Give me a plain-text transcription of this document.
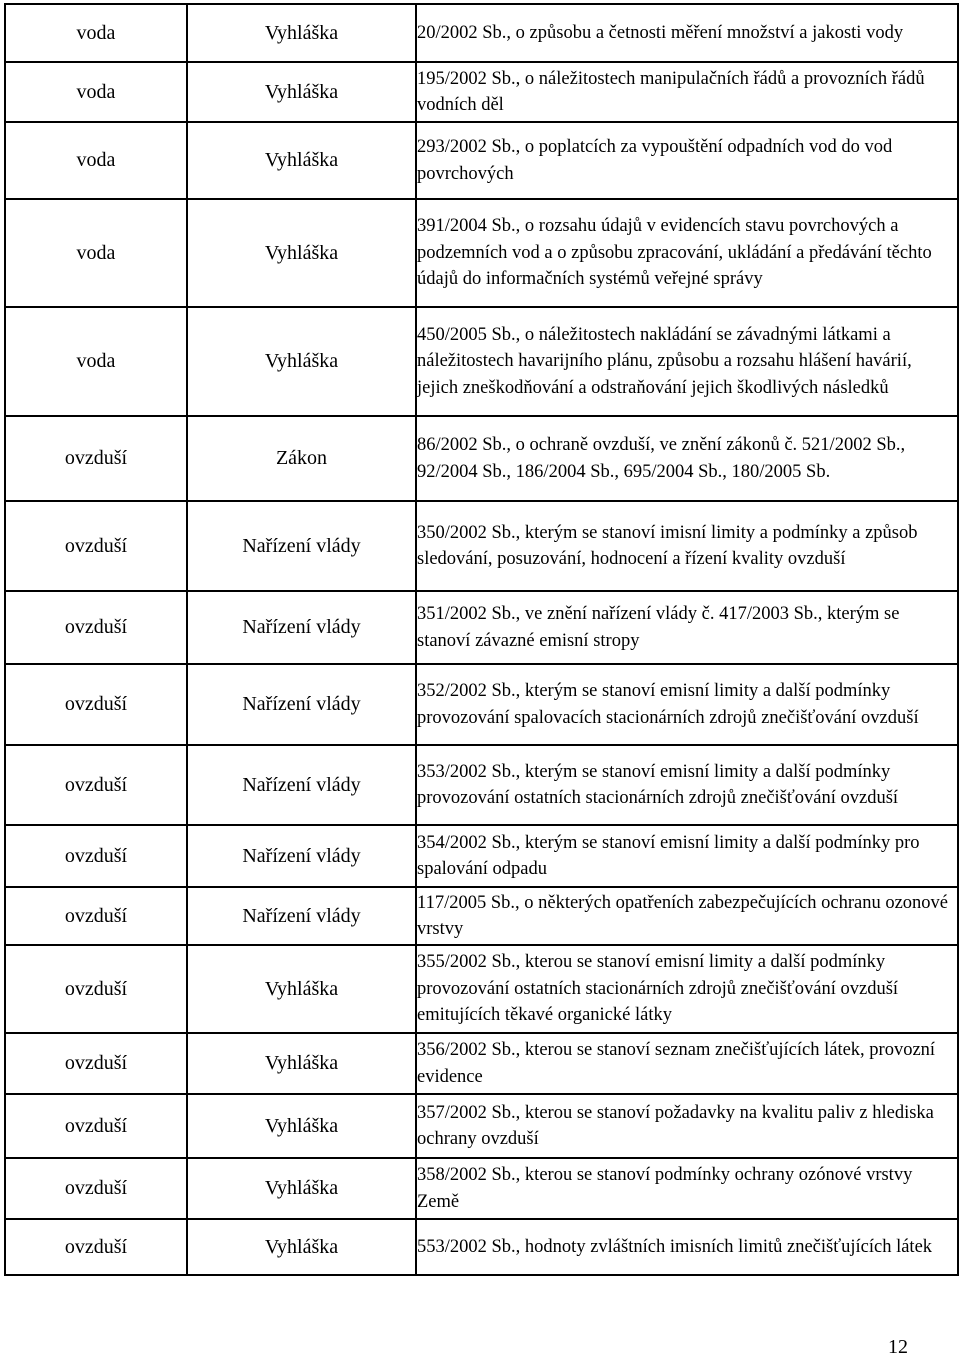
voda	Vyhláška	20/2002 Sb., o způsobu a četnosti měření množství a jakosti vody
voda	Vyhláška	195/2002 Sb., o náležitostech manipulačních řádů a provozních řádů vodních děl
voda	Vyhláška	293/2002 Sb., o poplatcích za vypouštění odpadních vod do vod povrchových
voda	Vyhláška	391/2004 Sb., o rozsahu údajů v evidencích stavu povrchových a podzemních vod a o způsobu zpracování, ukládání a předávání těchto údajů do informačních systémů veřejné správy
voda	Vyhláška	450/2005 Sb., o náležitostech nakládání se závadnými látkami a náležitostech havarijního plánu, způsobu a rozsahu hlášení havárií, jejich zneškodňování a odstraňování jejich škodlivých následků
ovzduší	Zákon	86/2002 Sb., o ochraně ovzduší, ve znění zákonů č. 521/2002 Sb., 92/2004 Sb., 186/2004 Sb., 695/2004 Sb., 180/2005 Sb.
ovzduší	Nařízení vlády	350/2002 Sb., kterým se stanoví imisní limity a podmínky a způsob sledování, posuzování, hodnocení a řízení kvality ovzduší
ovzduší	Nařízení vlády	351/2002 Sb., ve znění nařízení vlády č. 417/2003 Sb., kterým se stanoví závazné emisní stropy
ovzduší	Nařízení vlády	352/2002 Sb., kterým se stanoví emisní limity a další podmínky provozování spalovacích stacionárních zdrojů znečišťování ovzduší
ovzduší	Nařízení vlády	353/2002 Sb., kterým se stanoví emisní limity a další podmínky provozování ostatních stacionárních zdrojů znečišťování ovzduší
ovzduší	Nařízení vlády	354/2002 Sb., kterým se stanoví emisní limity a další podmínky pro spalování odpadu
ovzduší	Nařízení vlády	117/2005 Sb., o některých opatřeních zabezpečujících ochranu ozonové vrstvy
ovzduší	Vyhláška	355/2002 Sb., kterou se stanoví emisní limity a další podmínky provozování ostatních stacionárních zdrojů znečišťování ovzduší emitujících těkavé organické látky
ovzduší	Vyhláška	356/2002 Sb., kterou se stanoví seznam znečišťujících látek, provozní evidence
ovzduší	Vyhláška	357/2002 Sb., kterou se stanoví požadavky na kvalitu paliv z hlediska ochrany ovzduší
ovzduší	Vyhláška	358/2002 Sb., kterou se stanoví podmínky ochrany ozónové vrstvy Země
ovzduší	Vyhláška	553/2002 Sb., hodnoty zvláštních imisních limitů znečišťujících látek
12
